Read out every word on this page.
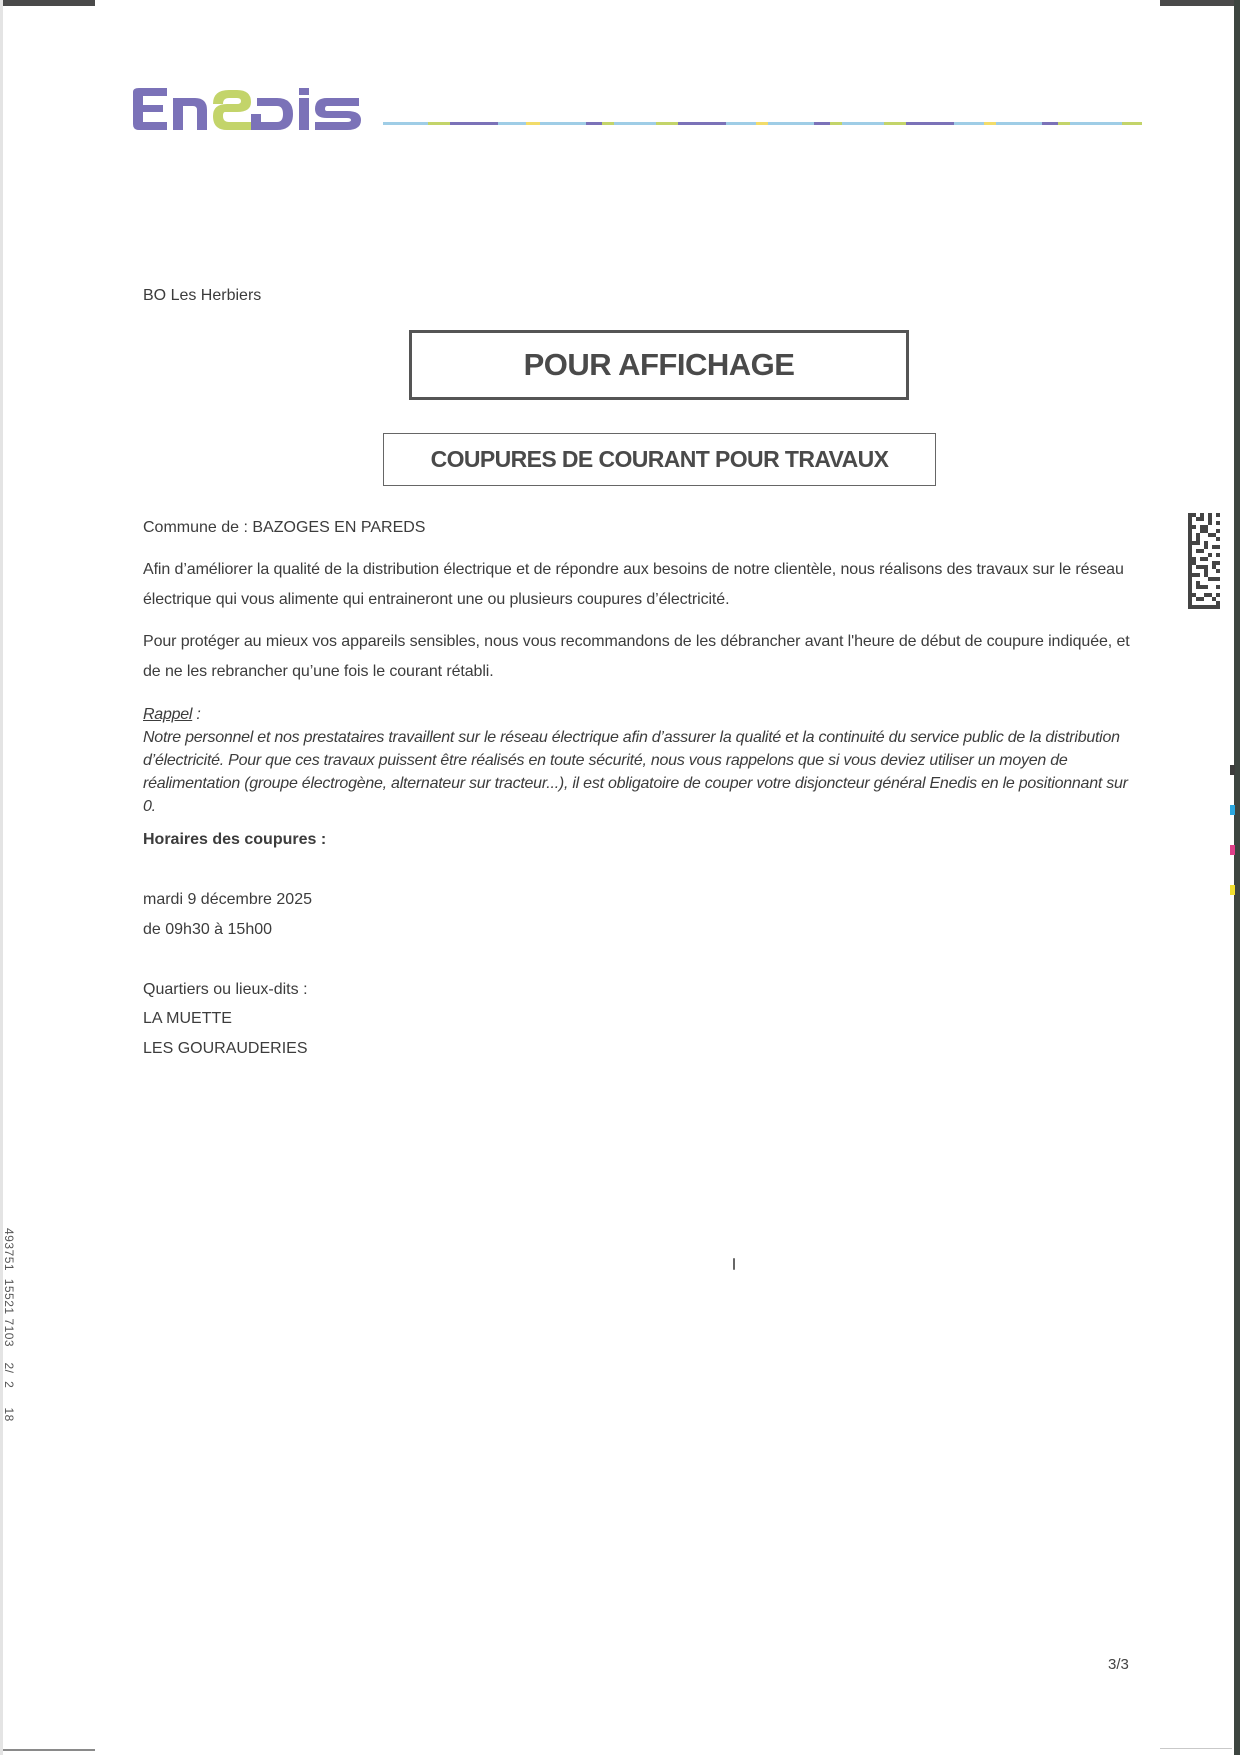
BO Les Herbiers
POUR AFFICHAGE
COUPURES DE COURANT POUR TRAVAUX
Commune de : BAZOGES EN PAREDS
Afin d’améliorer la qualité de la distribution électrique et de répondre aux besoins de notre clientèle, nous réalisons des travaux sur le réseau électrique qui vous alimente qui entraineront une ou plusieurs coupures d’électricité.
Pour protéger au mieux vos appareils sensibles, nous vous recommandons de les débrancher avant l'heure de début de coupure indiquée, et de ne les rebrancher qu’une fois le courant rétabli.
Rappel :
Notre personnel et nos prestataires travaillent sur le réseau électrique afin d’assurer la qualité et la continuité du service public de la distribution d’électricité. Pour que ces travaux puissent être réalisés en toute sécurité, nous vous rappelons que si vous deviez utiliser un moyen de réalimentation (groupe électrogène, alternateur sur tracteur...), il est obligatoire de couper votre disjoncteur général Enedis en le positionnant sur 0.
Horaires des coupures :
mardi 9 décembre 2025
de 09h30 à 15h00
Quartiers ou lieux-dits :
LA MUETTE
LES GOURAUDERIES
493751  15521 7103    2/  2     18
3/3
